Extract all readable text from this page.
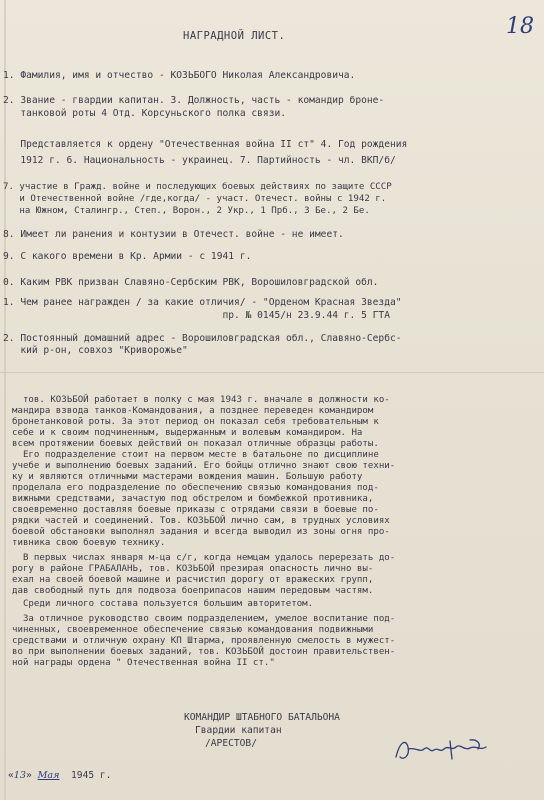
18
НАГРАДНОЙ ЛИСТ.
1. Фамилия, имя и отчество - КОЗЬБОГО Николая Александровича.
2. Звание - гвардии капитан. 3. Должность, часть - командир броне-
танковой роты 4 Отд. Корсуньского полка связи.
Представляется к ордену "Отечественная война II ст" 4. Год рождения
1912 г. 6. Национальность - украинец. 7. Партийность - чл. ВКП/б/
7. участие в Гражд. войне и последующих боевых действиях по защите СССР
и Отечественной войне /где,когда/ - участ. Отечест. войны с 1942 г.
на Южном, Сталингр., Степ., Ворон., 2 Укр., 1 Прб., 3 Бе., 2 Бе.
8. Имеет ли ранения и контузии в Отечест. войне - не имеет.
9. С какого времени в Кр. Армии - с 1941 г.
0. Каким РВК призван Славяно-Сербским РВК, Ворошиловградской обл.
1. Чем ранее награжден / за какие отличия/ - "Орденом Красная Звезда"
пр. № 0145/н 23.9.44 г. 5 ГТА
2. Постоянный домашний адрес - Ворошиловградская обл., Славяно-Сербс-
кий р-он, совхоз "Криворожье"
тов. КОЗЬБОЙ работает в полку с мая 1943 г. вначале в должности ко-
мандира взвода танков-Командования, а позднее переведен командиром
бронетанковой роты. За этот период он показал себя требовательным к
себе и к своим подчиненным, выдержанным и волевым командиром. На
всем протяжении боевых действий он показал отличные образцы работы.
Его подразделение стоит на первом месте в батальоне по дисциплине
учебе и выполнению боевых заданий. Его бойцы отлично знают свою техни-
ку и являются отличными мастерами вождения машин. Большую работу
проделала его подразделение по обеспечению связью командования под-
вижными средствами, зачастую под обстрелом и бомбежкой противника,
своевременно доставляя боевые приказы с отрядами связи в боевые по-
рядки частей и соединений. Тов. КОЗЬБОЙ лично сам, в трудных условиях
боевой обстановки выполнял задания и всегда выводил из зоны огня про-
тивника свою боевую технику.
В первых числах января м-ца с/г, когда немцам удалось перерезать до-
рогу в районе ГРАБАЛАНЬ, тов. КОЗЬБОЙ презирая опасность лично вы-
ехал на своей боевой машине и расчистил дорогу от вражеских групп,
дав свободный путь для подвоза боеприпасов нашим передовым частям.
Среди личного состава пользуется большим авторитетом.
За отличное руководство своим подразделением, умелое воспитание под-
чиненных, своевременное обеспечение связью командования подвижными
средствами и отличную охрану КП Штарма, проявленную смелость в мужест-
во при выполнении боевых заданий, тов. КОЗЬБОЙ достоин правительствен-
ной награды ордена " Отечественная война II ст."
КОМАНДИР ШТАБНОГО БАТАЛЬОНА
Гвардии капитан
/АРЕСТОВ/
«13» Мая 1945 г.
